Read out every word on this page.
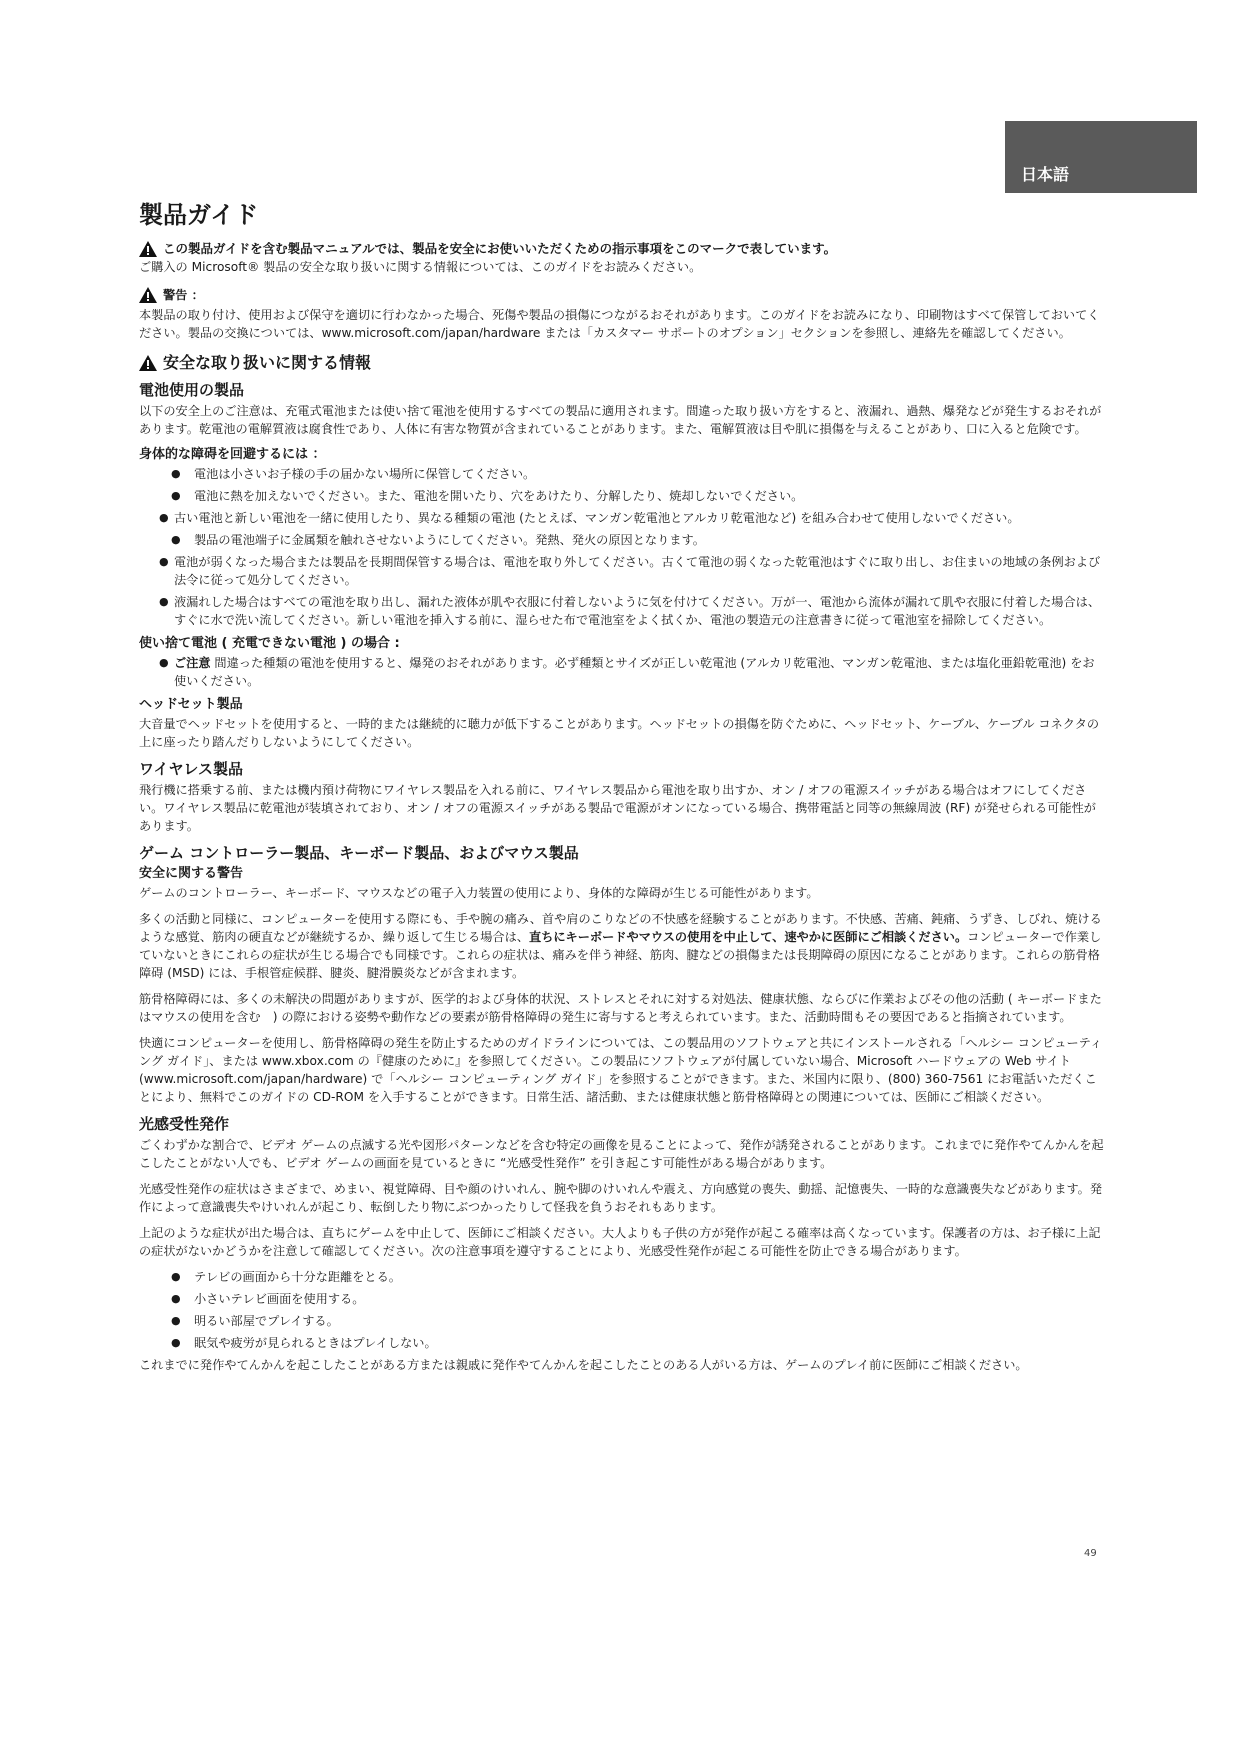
日本語
製品ガイド
この製品ガイドを含む製品マニュアルでは、製品を安全にお使いいただくための指示事項をこのマークで表しています。

ご購入の Microsoft® 製品の安全な取り扱いに関する情報については、このガイドをお読みください。

警告 ：

本製品の取り付け、使用および保守を適切に行わなかった場合、死傷や製品の損傷につながるおそれがあります。このガイドをお読みになり、印刷物はすべて保管しておいてください。製品の交換については、www.microsoft.com/japan/hardware または「カスタマー サポートのオプション」セクションを参照し、連絡先を確認してください。

安全な取り扱いに関する情報
電池使用の製品

以下の安全上のご注意は、充電式電池または使い捨て電池を使用するすべての製品に適用されます。間違った取り扱い方をすると、液漏れ、過熱、爆発などが発生するおそれがあります。乾電池の電解質液は腐食性であり、人体に有害な物質が含まれていることがあります。また、電解質液は目や肌に損傷を与えることがあり、口に入ると危険です。

身体的な障碍を回避するには ：
● 電池は小さいお子様の手の届かない場所に保管してください。
● 電池に熱を加えないでください。また、電池を開いたり、穴をあけたり、分解したり、焼却しないでください。
● 古い電池と新しい電池を一緒に使用したり、異なる種類の電池 (たとえば、マンガン乾電池とアルカリ乾電池など) を組み合わせて使用しないでください。
● 製品の電池端子に金属類を触れさせないようにしてください。発熱、発火の原因となります。
● 電池が弱くなった場合または製品を長期間保管する場合は、電池を取り外してください。古くて電池の弱くなった乾電池はすぐに取り出し、お住まいの地域の条例および法令に従って処分してください。
● 液漏れした場合はすべての電池を取り出し、漏れた液体が肌や衣服に付着しないように気を付けてください。万が一、電池から流体が漏れて肌や衣服に付着した場合は、すぐに水で洗い流してください。新しい電池を挿入する前に、湿らせた布で電池室をよく拭くか、電池の製造元の注意書きに従って電池室を掃除してください。
使い捨て電池 ( 充電できない電池 ) の場合 :
● ご注意 間違った種類の電池を使用すると、爆発のおそれがあります。必ず種類とサイズが正しい乾電池 (アルカリ乾電池、マンガン乾電池、または塩化亜鉛乾電池) をお使いください。
ヘッドセット製品

大音量でヘッドセットを使用すると、一時的または継続的に聴力が低下することがあります。ヘッドセットの損傷を防ぐために、ヘッドセット、ケーブル、ケーブル コネクタの上に座ったり踏んだりしないようにしてください。

ワイヤレス製品

飛行機に搭乗する前、または機内預け荷物にワイヤレス製品を入れる前に、ワイヤレス製品から電池を取り出すか、オン / オフの電源スイッチがある場合はオフにしてください。ワイヤレス製品に乾電池が装填されており、オン / オフの電源スイッチがある製品で電源がオンになっている場合、携帯電話と同等の無線周波 (RF) が発せられる可能性があります。

ゲーム コントローラー製品、キーボード製品、およびマウス製品
安全に関する警告

ゲームのコントローラー、キーボード、マウスなどの電子入力装置の使用により、身体的な障碍が生じる可能性があります。

多くの活動と同様に、コンピューターを使用する際にも、手や腕の痛み、首や肩のこりなどの不快感を経験することがあります。不快感、苦痛、鈍痛、うずき、しびれ、焼けるような感覚、筋肉の硬直などが継続するか、繰り返して生じる場合は、直ちにキーボードやマウスの使用を中止して、速やかに医師にご相談ください。コンピューターで作業していないときにこれらの症状が生じる場合でも同様です。これらの症状は、痛みを伴う神経、筋肉、腱などの損傷または長期障碍の原因になることがあります。これらの筋骨格障碍 (MSD) には、手根管症候群、腱炎、腱滑膜炎などが含まれます。

筋骨格障碍には、多くの未解決の問題がありますが、医学的および身体的状況、ストレスとそれに対する対処法、健康状態、ならびに作業およびその他の活動 ( キーボードまたはマウスの使用を含む　) の際における姿勢や動作などの要素が筋骨格障碍の発生に寄与すると考えられています。また、活動時間もその要因であると指摘されています。

快適にコンピューターを使用し、筋骨格障碍の発生を防止するためのガイドラインについては、この製品用のソフトウェアと共にインストールされる「ヘルシー コンピューティング ガイド」、または www.xbox.com の『健康のために』を参照してください。この製品にソフトウェアが付属していない場合、Microsoft ハードウェアの Web サイト (www.microsoft.com/japan/hardware) で「ヘルシー コンピューティング ガイド」を参照することができます。また、米国内に限り、(800) 360-7561 にお電話いただくことにより、無料でこのガイドの CD-ROM を入手することができます。日常生活、諸活動、または健康状態と筋骨格障碍との関連については、医師にご相談ください。

光感受性発作

ごくわずかな割合で、ビデオ ゲームの点滅する光や図形パターンなどを含む特定の画像を見ることによって、発作が誘発されることがあります。これまでに発作やてんかんを起こしたことがない人でも、ビデオ ゲームの画面を見ているときに “光感受性発作” を引き起こす可能性がある場合があります。

光感受性発作の症状はさまざまで、めまい、視覚障碍、目や顔のけいれん、腕や脚のけいれんや震え、方向感覚の喪失、動揺、記憶喪失、一時的な意識喪失などがあります。発作によって意識喪失やけいれんが起こり、転倒したり物にぶつかったりして怪我を負うおそれもあります。

上記のような症状が出た場合は、直ちにゲームを中止して、医師にご相談ください。大人よりも子供の方が発作が起こる確率は高くなっています。保護者の方は、お子様に上記の症状がないかどうかを注意して確認してください。次の注意事項を遵守することにより、光感受性発作が起こる可能性を防止できる場合があります。

● テレビの画面から十分な距離をとる。
● 小さいテレビ画面を使用する。
● 明るい部屋でプレイする。
● 眠気や疲労が見られるときはプレイしない。

これまでに発作やてんかんを起こしたことがある方または親戚に発作やてんかんを起こしたことのある人がいる方は、ゲームのプレイ前に医師にご相談ください。

49
